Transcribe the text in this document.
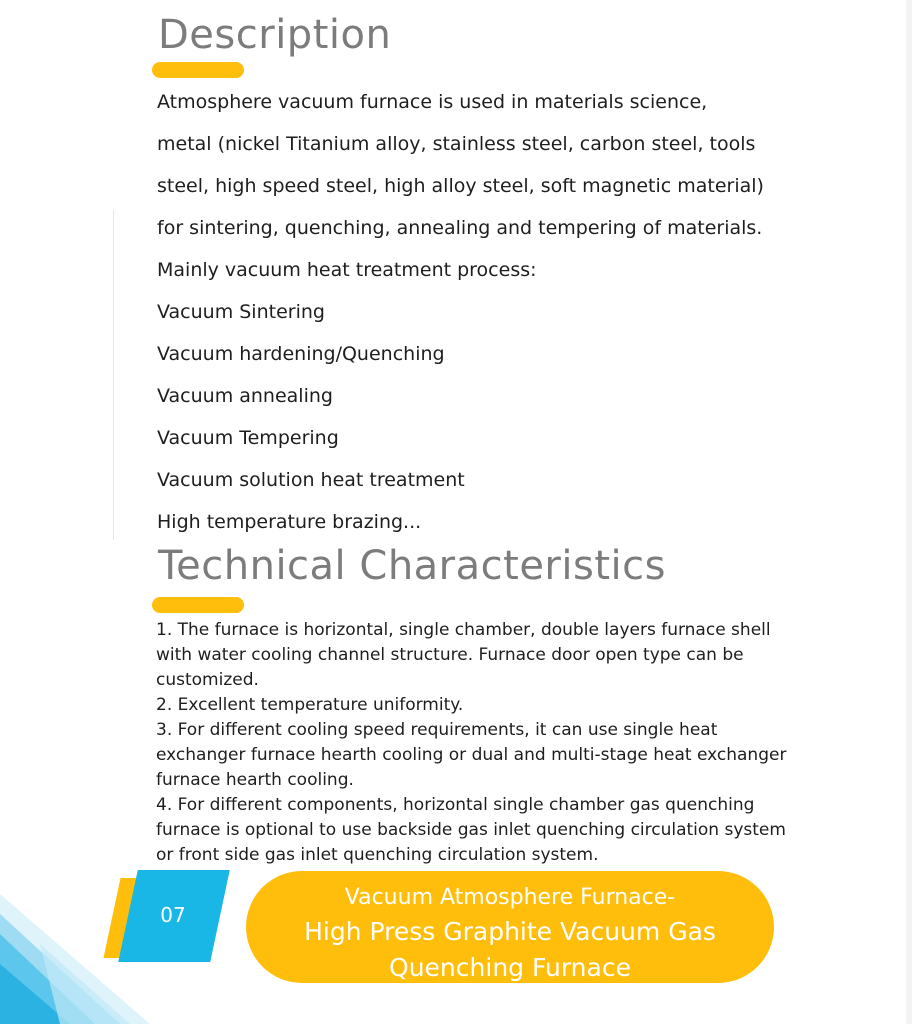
Description
Atmosphere vacuum furnace is used in materials science,
metal (nickel Titanium alloy, stainless steel, carbon steel, tools
steel, high speed steel, high alloy steel, soft magnetic material)
for sintering, quenching, annealing and tempering of materials.
Mainly vacuum heat treatment process:
Vacuum Sintering
Vacuum hardening/Quenching
Vacuum annealing
Vacuum Tempering
Vacuum solution heat treatment
High temperature brazing...
Technical Characteristics
1. The furnace is horizontal, single chamber, double layers furnace shell with water cooling channel structure. Furnace door open type can be customized.
2. Excellent temperature uniformity.
3. For different cooling speed requirements, it can use single heat exchanger furnace hearth cooling or dual and multi-stage heat exchanger furnace hearth cooling.
4. For different components, horizontal single chamber gas quenching furnace is optional to use backside gas inlet quenching circulation system or front side gas inlet quenching circulation system.
07
Vacuum Atmosphere Furnace-
High Press Graphite Vacuum Gas
Quenching Furnace
